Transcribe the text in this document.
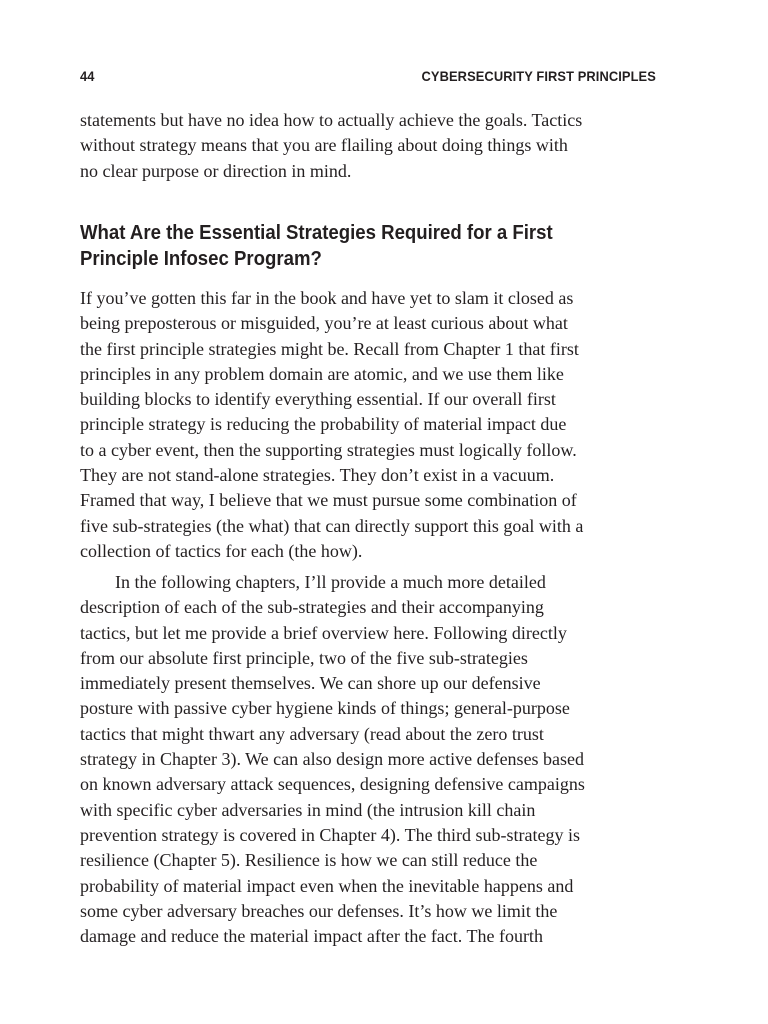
44	CYBERSECURITY FIRST PRINCIPLES
statements but have no idea how to actually achieve the goals. Tactics
without strategy means that you are flailing about doing things with
no clear purpose or direction in mind.
What Are the Essential Strategies Required for a First
Principle Infosec Program?
If you’ve gotten this far in the book and have yet to slam it closed as
being preposterous or misguided, you’re at least curious about what
the first principle strategies might be. Recall from Chapter 1 that first
principles in any problem domain are atomic, and we use them like
building blocks to identify everything essential. If our overall first
principle strategy is reducing the probability of material impact due
to a cyber event, then the supporting strategies must logically follow.
They are not stand-alone strategies. They don’t exist in a vacuum.
Framed that way, I believe that we must pursue some combination of
five sub-strategies (the what) that can directly support this goal with a
collection of tactics for each (the how).
In the following chapters, I’ll provide a much more detailed
description of each of the sub-strategies and their accompanying
tactics, but let me provide a brief overview here. Following directly
from our absolute first principle, two of the five sub-strategies
immediately present themselves. We can shore up our defensive
posture with passive cyber hygiene kinds of things; general-purpose
tactics that might thwart any adversary (read about the zero trust
strategy in Chapter 3). We can also design more active defenses based
on known adversary attack sequences, designing defensive campaigns
with specific cyber adversaries in mind (the intrusion kill chain
prevention strategy is covered in Chapter 4). The third sub-strategy is
resilience (Chapter 5). Resilience is how we can still reduce the
probability of material impact even when the inevitable happens and
some cyber adversary breaches our defenses. It’s how we limit the
damage and reduce the material impact after the fact. The fourth
